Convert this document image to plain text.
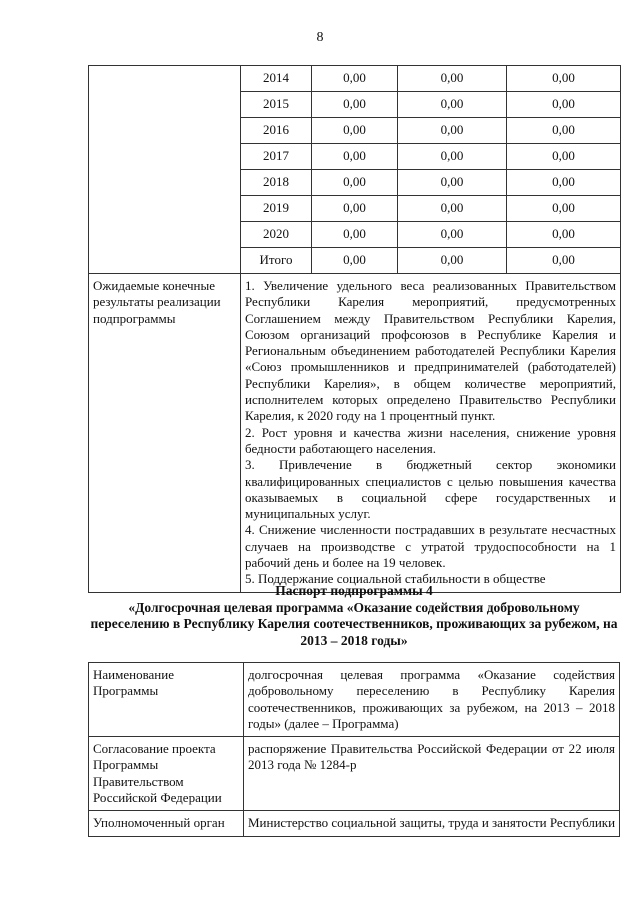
8
	2014	0,00	0,00	0,00
	2015	0,00	0,00	0,00
	2016	0,00	0,00	0,00
	2017	0,00	0,00	0,00
	2018	0,00	0,00	0,00
	2019	0,00	0,00	0,00
	2020	0,00	0,00	0,00
	Итого	0,00	0,00	0,00
Ожидаемые конечные результаты реализации подпрограммы	1. Увеличение удельного веса реализованных Правительством Республики Карелия мероприятий, предусмотренных Соглашением между Правительством Республики Карелия, Союзом организаций профсоюзов в Республике Карелия и Региональным объединением работодателей Республики Карелия «Союз промышленников и предпринимателей (работодателей) Республики Карелия», в общем количестве мероприятий, исполнителем которых определено Правительство Республики Карелия, к 2020 году на 1 процентный пункт.

2. Рост уровня и качества жизни населения, снижение уровня бедности работающего населения.

3. Привлечение в бюджетный сектор экономики квалифицированных специалистов с целью повышения качества оказываемых в социальной сфере государственных и муниципальных услуг.

4. Снижение численности пострадавших в результате несчастных случаев на производстве с утратой трудоспособности на 1 рабочий день и более на 19 человек.

5. Поддержание социальной стабильности в обществе			

Паспорт подпрограммы 4
«Долгосрочная целевая программа «Оказание содействия добровольному переселению в Республику Карелия соотечественников, проживающих за рубежом, на 2013 – 2018 годы»
Наименование Программы	долгосрочная целевая программа «Оказание содействия добровольному переселению в Республику Карелия соотечественников, проживающих за рубежом, на 2013 – 2018 годы» (далее – Программа)

Согласование проекта Программы Правительством Российской Федерации	распоряжение Правительства Российской Федерации от 22 июля 2013 года № 1284-р

Уполномоченный орган	Министерство социальной защиты, труда и занятости Республики
